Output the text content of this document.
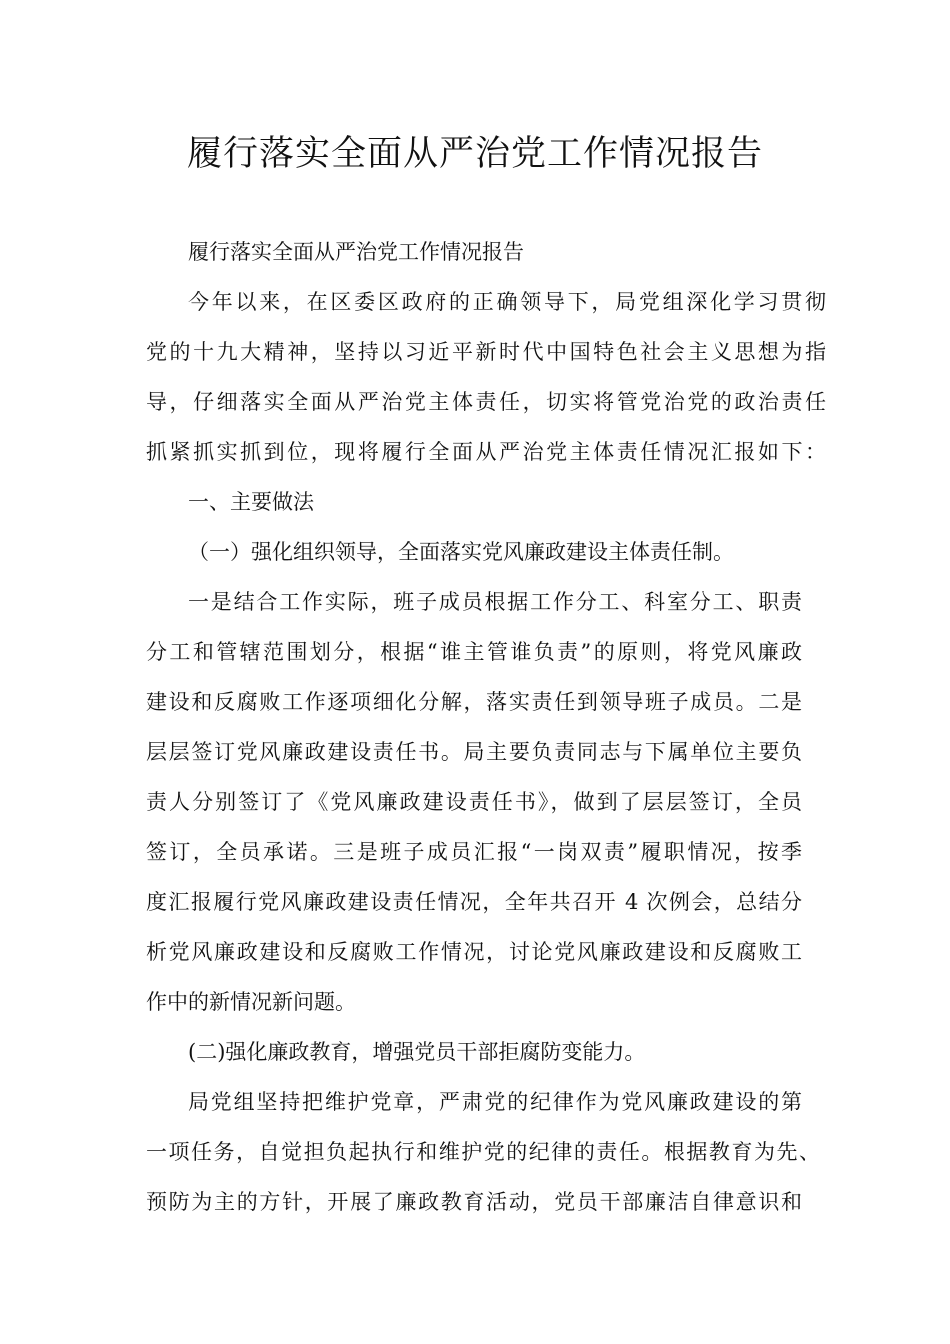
履行落实全面从严治党工作情况报告

履行落实全面从严治党工作情况报告

今年以来，在区委区政府的正确领导下，局党组深化学习贯彻

党的十九大精神，坚持以习近平新时代中国特色社会主义思想为指

导，仔细落实全面从严治党主体责任，切实将管党治党的政治责任

抓紧抓实抓到位，现将履行全面从严治党主体责任情况汇报如下：

一、主要做法

（一）强化组织领导，全面落实党风廉政建设主体责任制。

一是结合工作实际，班子成员根据工作分工、科室分工、职责

分工和管辖范围划分，根据“谁主管谁负责”的原则，将党风廉政

建设和反腐败工作逐项细化分解，落实责任到领导班子成员。二是

层层签订党风廉政建设责任书。局主要负责同志与下属单位主要负

责人分别签订了《党风廉政建设责任书》，做到了层层签订，全员

签订，全员承诺。三是班子成员汇报“一岗双责”履职情况，按季

度汇报履行党风廉政建设责任情况，全年共召开 4 次例会，总结分

析党风廉政建设和反腐败工作情况，讨论党风廉政建设和反腐败工

作中的新情况新问题。

(二)强化廉政教育，增强党员干部拒腐防变能力。

局党组坚持把维护党章，严肃党的纪律作为党风廉政建设的第

一项任务，自觉担负起执行和维护党的纪律的责任。根据教育为先、

预防为主的方针，开展了廉政教育活动，党员干部廉洁自律意识和
